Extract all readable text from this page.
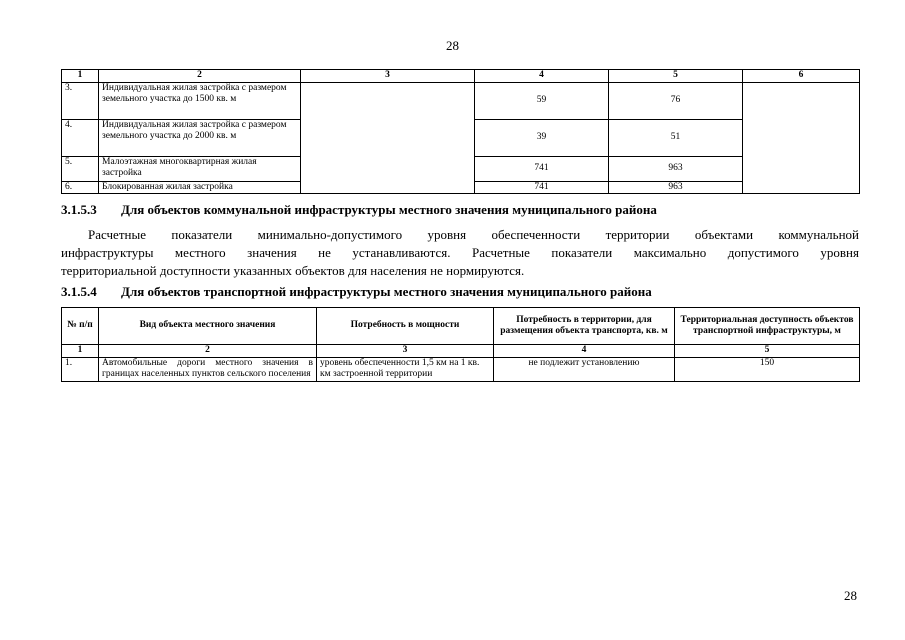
28
1	2	3	4	5	6
3.	Индивидуальная жилая застройка с размером земельного участка до 1500 кв. м		59	76	
4.	Индивидуальная жилая застройка с размером земельного участка до 2000 кв. м		39	51	
5.	Малоэтажная многоквартирная жилая застройка		741	963	
6.	Блокированная жилая застройка		741	963	
3.1.5.3 Для объектов коммунальной инфраструктуры местного значения муниципального района
Расчетные показатели минимально-допустимого уровня обеспеченности территории объектами коммунальной
инфраструктуры местного значения не устанавливаются. Расчетные показатели максимально допустимого уровня
территориальной доступности указанных объектов для населения не нормируются.
3.1.5.4 Для объектов транспортной инфраструктуры местного значения муниципального района
№ п/п	Вид объекта местного значения	Потребность в мощности	Потребность в территории, для размещения объекта транспорта, кв. м	Территориальная доступность объектов транспортной инфраструктуры, м
1	2	3	4	5
1.	Автомобильные дороги местного значения в границах населенных пунктов сельского поселения	уровень обеспеченности 1,5 км на 1 кв. км застроенной территории	не подлежит установлению	150
28
